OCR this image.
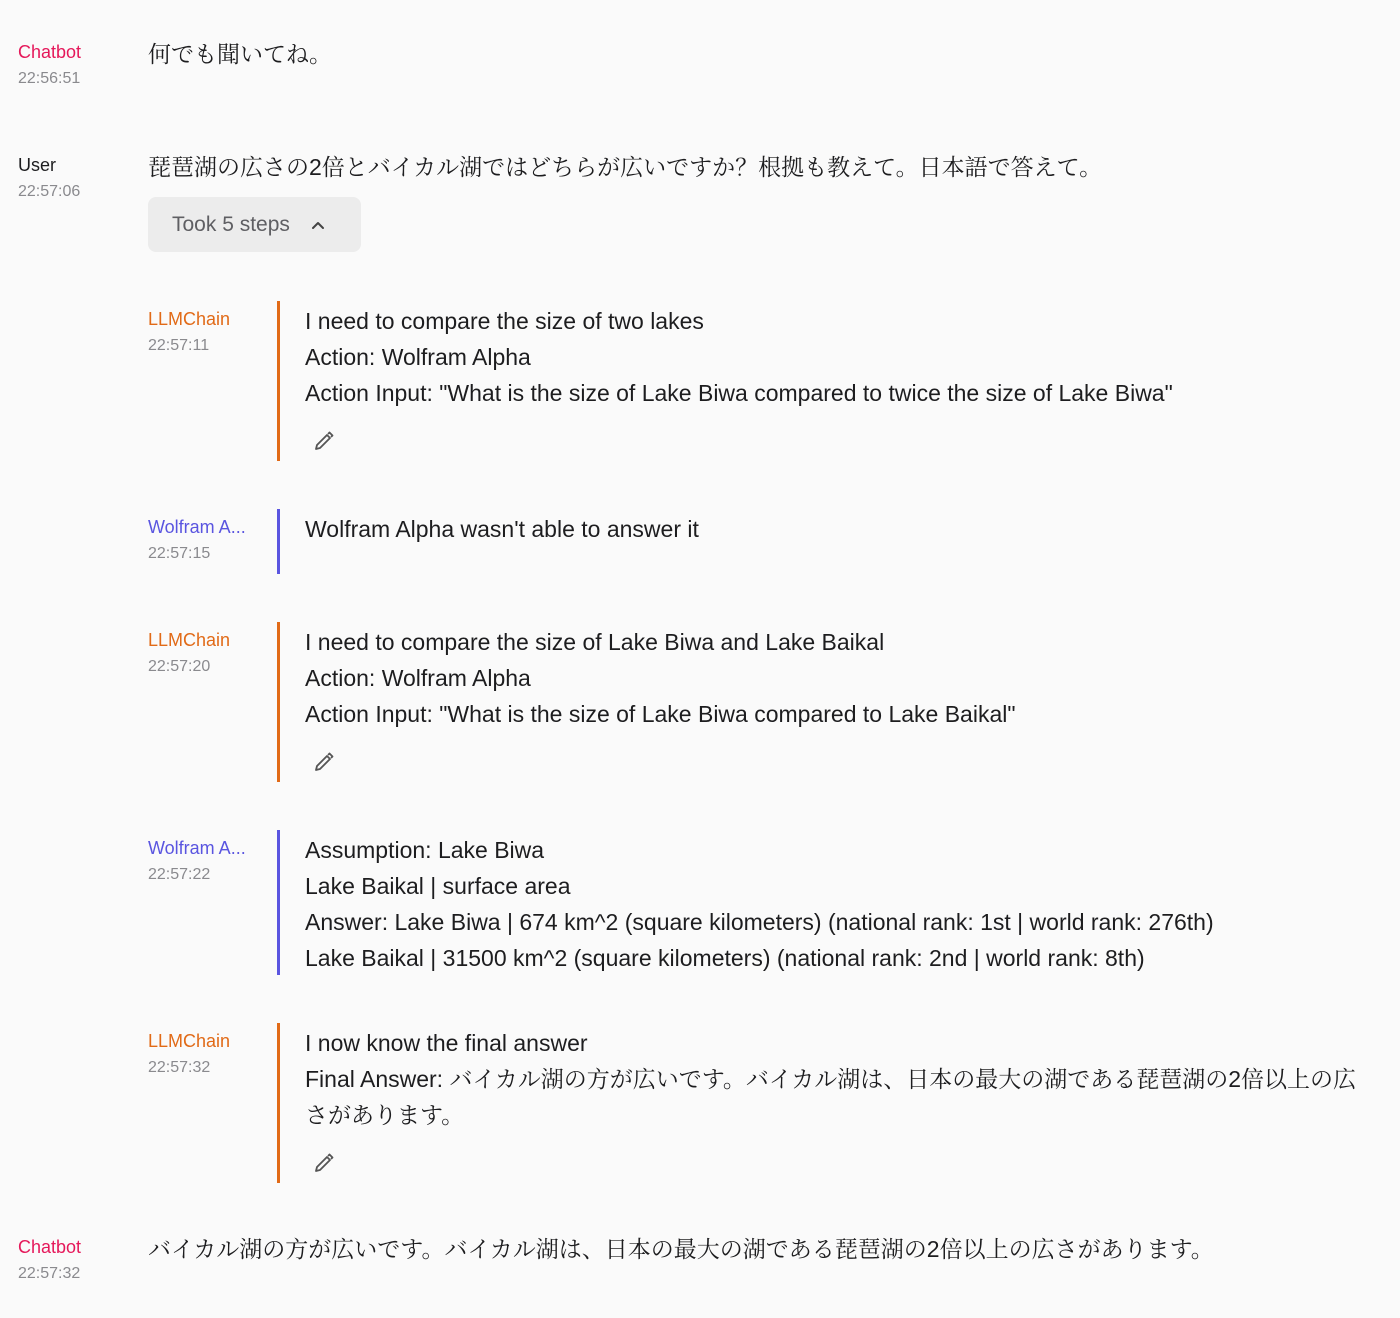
Chatbot
22:56:51
何でも聞いてね。
User
22:57:06
琵琶湖の広さの2倍とバイカル湖ではどちらが広いですか？根拠も教えて。日本語で答えて。
Took 5 steps
LLMChain
22:57:11
I need to compare the size of two lakes
Action: Wolfram Alpha
Action Input: "What is the size of Lake Biwa compared to twice the size of Lake Biwa"
Wolfram A...
22:57:15
Wolfram Alpha wasn't able to answer it
LLMChain
22:57:20
I need to compare the size of Lake Biwa and Lake Baikal
Action: Wolfram Alpha
Action Input: "What is the size of Lake Biwa compared to Lake Baikal"
Wolfram A...
22:57:22
Assumption: Lake Biwa
Lake Baikal | surface area
Answer: Lake Biwa | 674 km^2 (square kilometers) (national rank: 1st | world rank: 276th)
Lake Baikal | 31500 km^2 (square kilometers) (national rank: 2nd | world rank: 8th)
LLMChain
22:57:32
I now know the final answer
Final Answer: バイカル湖の方が広いです。バイカル湖は、日本の最大の湖である琵琶湖の2倍以上の広さがあります。
Chatbot
22:57:32
バイカル湖の方が広いです。バイカル湖は、日本の最大の湖である琵琶湖の2倍以上の広さがあります。
